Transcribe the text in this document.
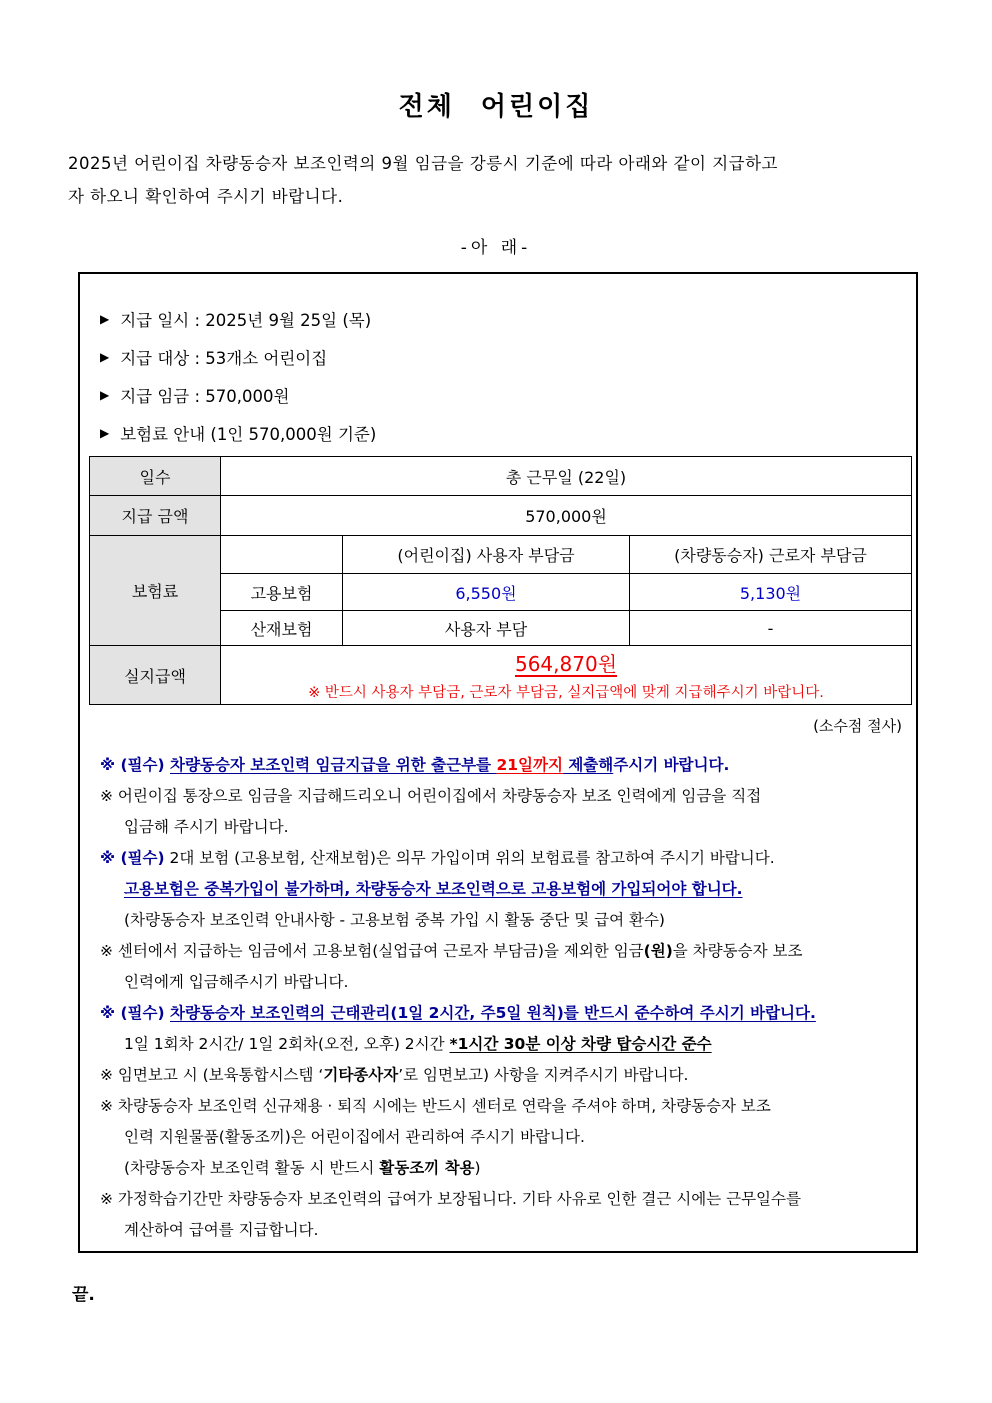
전체 어린이집
2025년 어린이집 차량동승자 보조인력의 9월 임금을 강릉시 기준에 따라 아래와 같이 지급하고
자 하오니 확인하여 주시기 바랍니다.
-아 래-
▶ 지급 일시 : 2025년 9월 25일 (목)
▶ 지급 대상 : 53개소 어린이집
▶ 지급 임금 : 570,000원
▶ 보험료 안내 (1인 570,000원 기준)
일수	총 근무일 (22일)		
지급 금액	570,000원		
보험료		(어린이집) 사용자 부담금	(차량동승자) 근로자 부담금
	고용보험	6,550원	5,130원
	산재보험	사용자 부담	-
실지급액	564,870원
※ 반드시 사용자 부담금, 근로자 부담금, 실지급액에 맞게 지급해주시기 바랍니다.		
(소수점 절사)
※ (필수) 차량동승자 보조인력 임금지급을 위한 출근부를 21일까지 제출해주시기 바랍니다.
※ 어린이집 통장으로 임금을 지급해드리오니 어린이집에서 차량동승자 보조 인력에게 임금을 직접
입금해 주시기 바랍니다.
※ (필수) 2대 보험 (고용보험, 산재보험)은 의무 가입이며 위의 보험료를 참고하여 주시기 바랍니다.
고용보험은 중복가입이 불가하며, 차량동승자 보조인력으로 고용보험에 가입되어야 합니다.
(차량동승자 보조인력 안내사항 - 고용보험 중복 가입 시 활동 중단 및 급여 환수)
※ 센터에서 지급하는 임금에서 고용보험(실업급여 근로자 부담금)을 제외한 임금(원)을 차량동승자 보조
인력에게 입금해주시기 바랍니다.
※ (필수) 차량동승자 보조인력의 근태관리(1일 2시간, 주5일 원칙)를 반드시 준수하여 주시기 바랍니다.
1일 1회차 2시간/ 1일 2회차(오전, 오후) 2시간 *1시간 30분 이상 차량 탑승시간 준수
※ 임면보고 시 (보육통합시스템 ‘기타종사자’로 임면보고) 사항을 지켜주시기 바랍니다.
※ 차량동승자 보조인력 신규채용 · 퇴직 시에는 반드시 센터로 연락을 주셔야 하며, 차량동승자 보조
인력 지원물품(활동조끼)은 어린이집에서 관리하여 주시기 바랍니다.
(차량동승자 보조인력 활동 시 반드시 활동조끼 착용)
※ 가정학습기간만 차량동승자 보조인력의 급여가 보장됩니다. 기타 사유로 인한 결근 시에는 근무일수를
계산하여 급여를 지급합니다.
끝.
